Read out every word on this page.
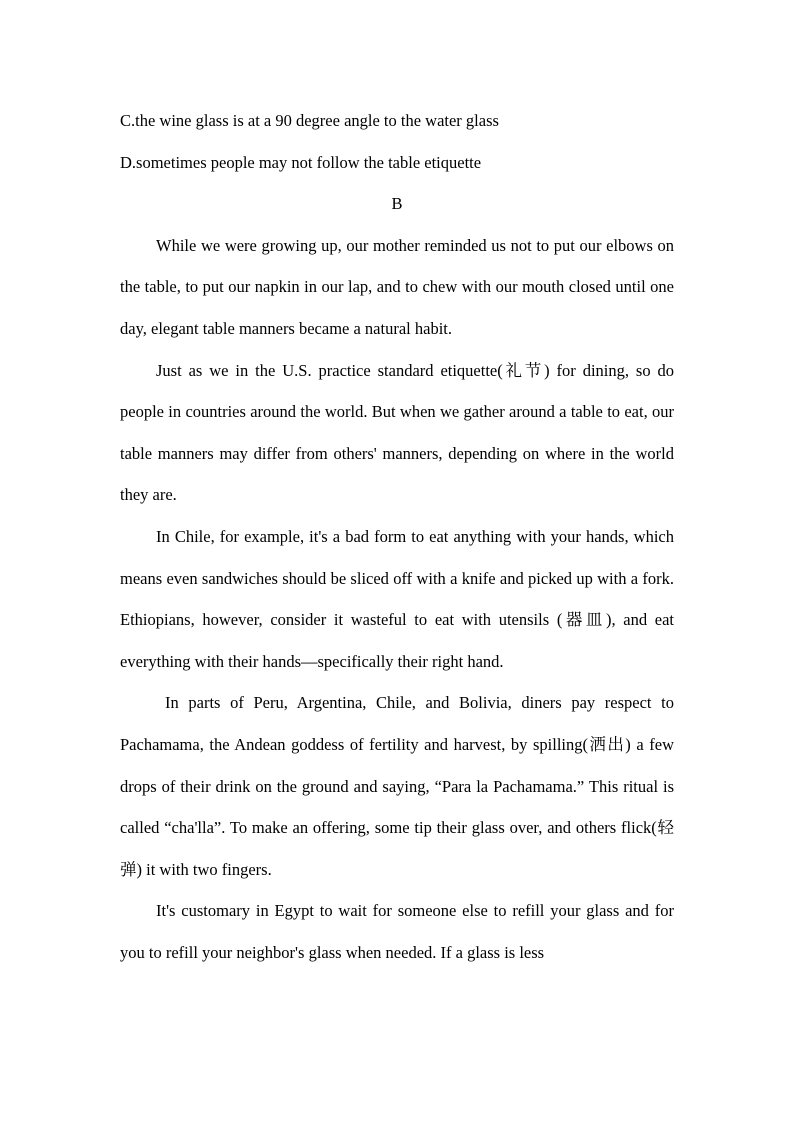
C.the wine glass is at a 90 degree angle to the water glass

D.sometimes people may not follow the table etiquette

B

While we were growing up, our mother reminded us not to put our elbows on the table, to put our napkin in our lap, and to chew with our mouth closed until one day, elegant table manners became a natural habit.

Just as we in the U.S. practice standard etiquette(礼节) for dining, so do people in countries around the world. But when we gather around a table to eat, our table manners may differ from others' manners, depending on where in the world they are.

In Chile, for example, it's a bad form to eat anything with your hands, which means even sandwiches should be sliced off with a knife and picked up with a fork. Ethiopians, however, consider it wasteful to eat with utensils (器皿), and eat everything with their hands—specifically their right hand.

In parts of Peru, Argentina, Chile, and Bolivia, diners pay respect to Pachamama, the Andean goddess of fertility and harvest, by spilling(洒出) a few drops of their drink on the ground and saying, “Para la Pachamama.” This ritual is called “cha'lla”. To make an offering, some tip their glass over, and others flick(轻弹) it with two fingers.

It's customary in Egypt to wait for someone else to refill your glass and for you to refill your neighbor's glass when needed. If a glass is less
